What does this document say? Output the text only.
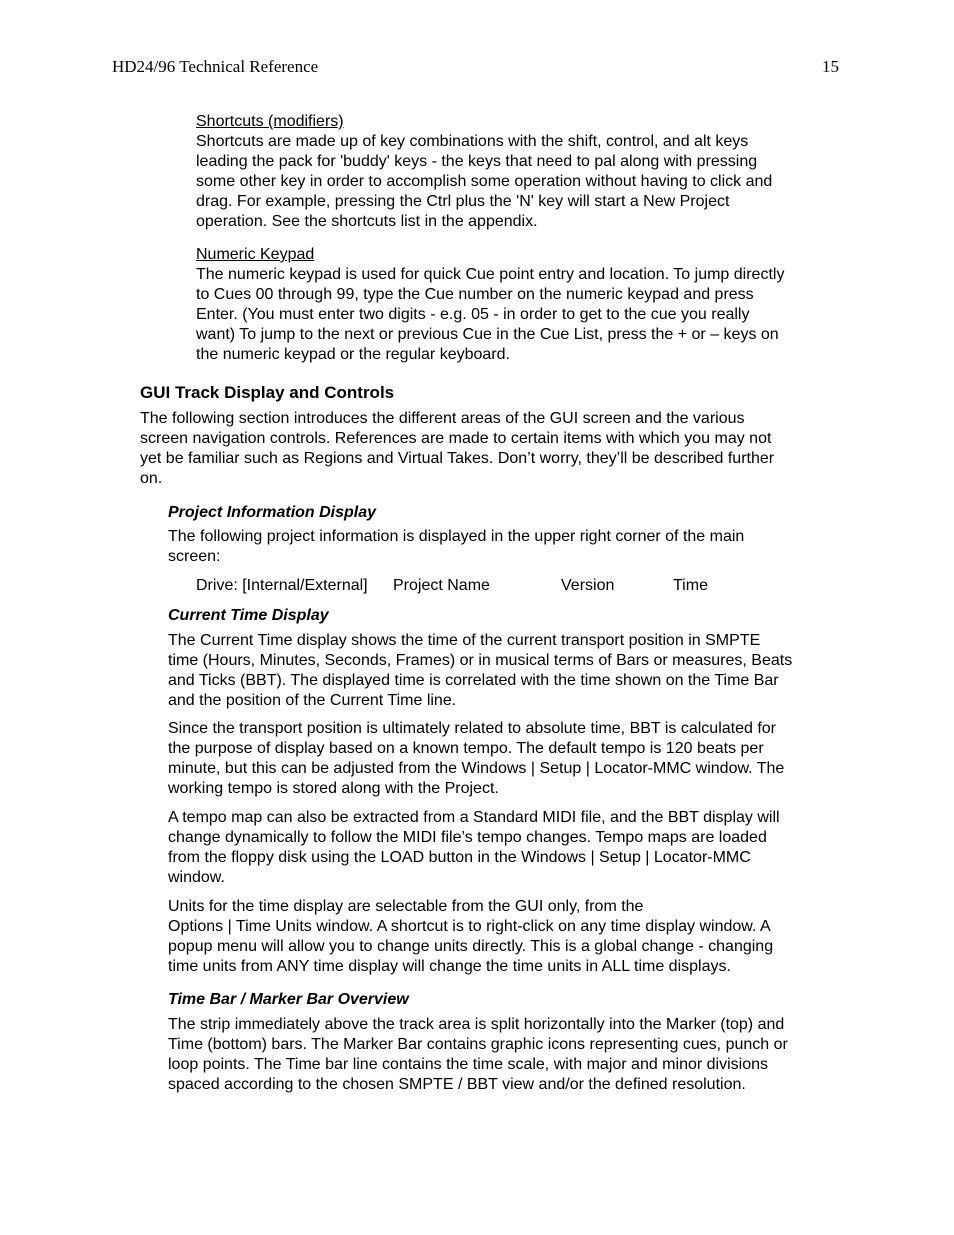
HD24/96 Technical Reference	15

Shortcuts (modifiers)

Shortcuts are made up of key combinations with the shift, control, and alt keys

leading the pack for 'buddy' keys - the keys that need to pal along with pressing

some other key in order to accomplish some operation without having to click and

drag. For example, pressing the Ctrl plus the 'N' key will start a New Project

operation. See the shortcuts list in the appendix.

Numeric Keypad

The numeric keypad is used for quick Cue point entry and location. To jump directly

to Cues 00 through 99, type the Cue number on the numeric keypad and press

Enter. (You must enter two digits - e.g. 05 - in order to get to the cue you really

want) To jump to the next or previous Cue in the Cue List, press the + or – keys on

the numeric keypad or the regular keyboard.

GUI Track Display and Controls

The following section introduces the different areas of the GUI screen and the various

screen navigation controls. References are made to certain items with which you may not

yet be familiar such as Regions and Virtual Takes. Don’t worry, they’ll be described further

on.

Project Information Display

The following project information is displayed in the upper right corner of the main

screen:

Drive: [Internal/External] Project Name	Version	Time
Current Time Display

The Current Time display shows the time of the current transport position in SMPTE

time (Hours, Minutes, Seconds, Frames) or in musical terms of Bars or measures, Beats

and Ticks (BBT). The displayed time is correlated with the time shown on the Time Bar

and the position of the Current Time line.

Since the transport position is ultimately related to absolute time, BBT is calculated for

the purpose of display based on a known tempo. The default tempo is 120 beats per

minute, but this can be adjusted from the Windows | Setup | Locator-MMC window. The

working tempo is stored along with the Project.

A tempo map can also be extracted from a Standard MIDI file, and the BBT display will

change dynamically to follow the MIDI file’s tempo changes. Tempo maps are loaded

from the floppy disk using the LOAD button in the Windows | Setup | Locator-MMC

window.

Units for the time display are selectable from the GUI only, from the

Options | Time Units window. A shortcut is to right-click on any time display window. A

popup menu will allow you to change units directly. This is a global change - changing

time units from ANY time display will change the time units in ALL time displays.

Time Bar / Marker Bar Overview

The strip immediately above the track area is split horizontally into the Marker (top) and

Time (bottom) bars. The Marker Bar contains graphic icons representing cues, punch or

loop points. The Time bar line contains the time scale, with major and minor divisions

spaced according to the chosen SMPTE / BBT view and/or the defined resolution.
